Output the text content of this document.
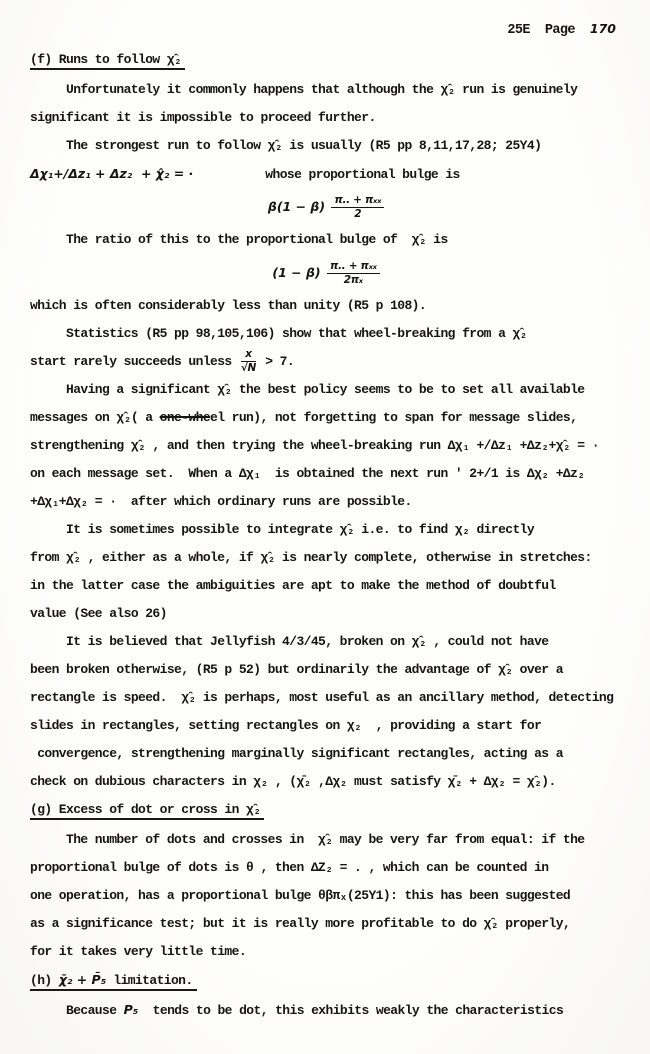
25E  Page  170
(f) Runs to follow χ̂₂
Unfortunately it commonly happens that although the χ̂₂ run is genuinely
significant it is impossible to proceed further.
The strongest run to follow χ̂₂ is usually (R5 pp 8,11,17,28; 25Y4)
Δχ₁+/Δz₁ + Δz₂  + χ̂₂ = ·          whose proportional bulge is
$\beta(1 - \beta) \frac{\text{π.. + πₓₓ}}{2}$
The ratio of this to the proportional bulge of  χ̂₂ is
$(1 - \beta) \frac{\text{π.. + πₓₓ}}{\text{2πₓ}}$
which is often considerably less than unity (R5 p 108).
Statistics (R5 pp 98,105,106) show that wheel-breaking from a χ̂₂
start rarely succeeds unless $\frac{x}{√N} > 7$.
Having a significant χ̂₂ the best policy seems to be to set all available
messages on χ̂₂( a one-wheel run), not forgetting to span for message slides,
strengthening χ̂₂ , and then trying the wheel-breaking run Δχ₁ +/Δz₁ +Δz₂+χ̂₂ = ·
on each message set.  When a Δχ₁  is obtained the next run ' 2+/1 is Δχ₂ +Δz₂
+Δχ₁+Δχ₂ = ·  after which ordinary runs are possible.
It is sometimes possible to integrate χ̂₂ i.e. to find χ₂ directly
from χ̂₂ , either as a whole, if χ̂₂ is nearly complete, otherwise in stretches:
in the latter case the ambiguities are apt to make the method of doubtful
value (See also 26)
It is believed that Jellyfish 4/3/45, broken on χ̂₂ , could not have
been broken otherwise, (R5 p 52) but ordinarily the advantage of χ̂₂ over a
rectangle is speed.  χ̂₂ is perhaps, most useful as an ancillary method, detecting
slides in rectangles, setting rectangles on χ₂  , providing a start for
convergence, strengthening marginally significant rectangles, acting as a
check on dubious characters in χ₂ , (χ̄₂ ,Δχ₂ must satisfy χ̄₂ + Δχ₂ = χ̂₂).
(g) Excess of dot or cross in χ̂₂
The number of dots and crosses in  χ̂₂ may be very far from equal: if the
proportional bulge of dots is θ , then ΔZ₂ = . , which can be counted in
one operation, has a proportional bulge θβπₓ(25Y1): this has been suggested
as a significance test; but it is really more profitable to do χ̂₂ properly,
for it takes very little time.
(h) χ̄₂ + P̄₅ limitation.
Because P₅  tends to be dot, this exhibits weakly the characteristics
